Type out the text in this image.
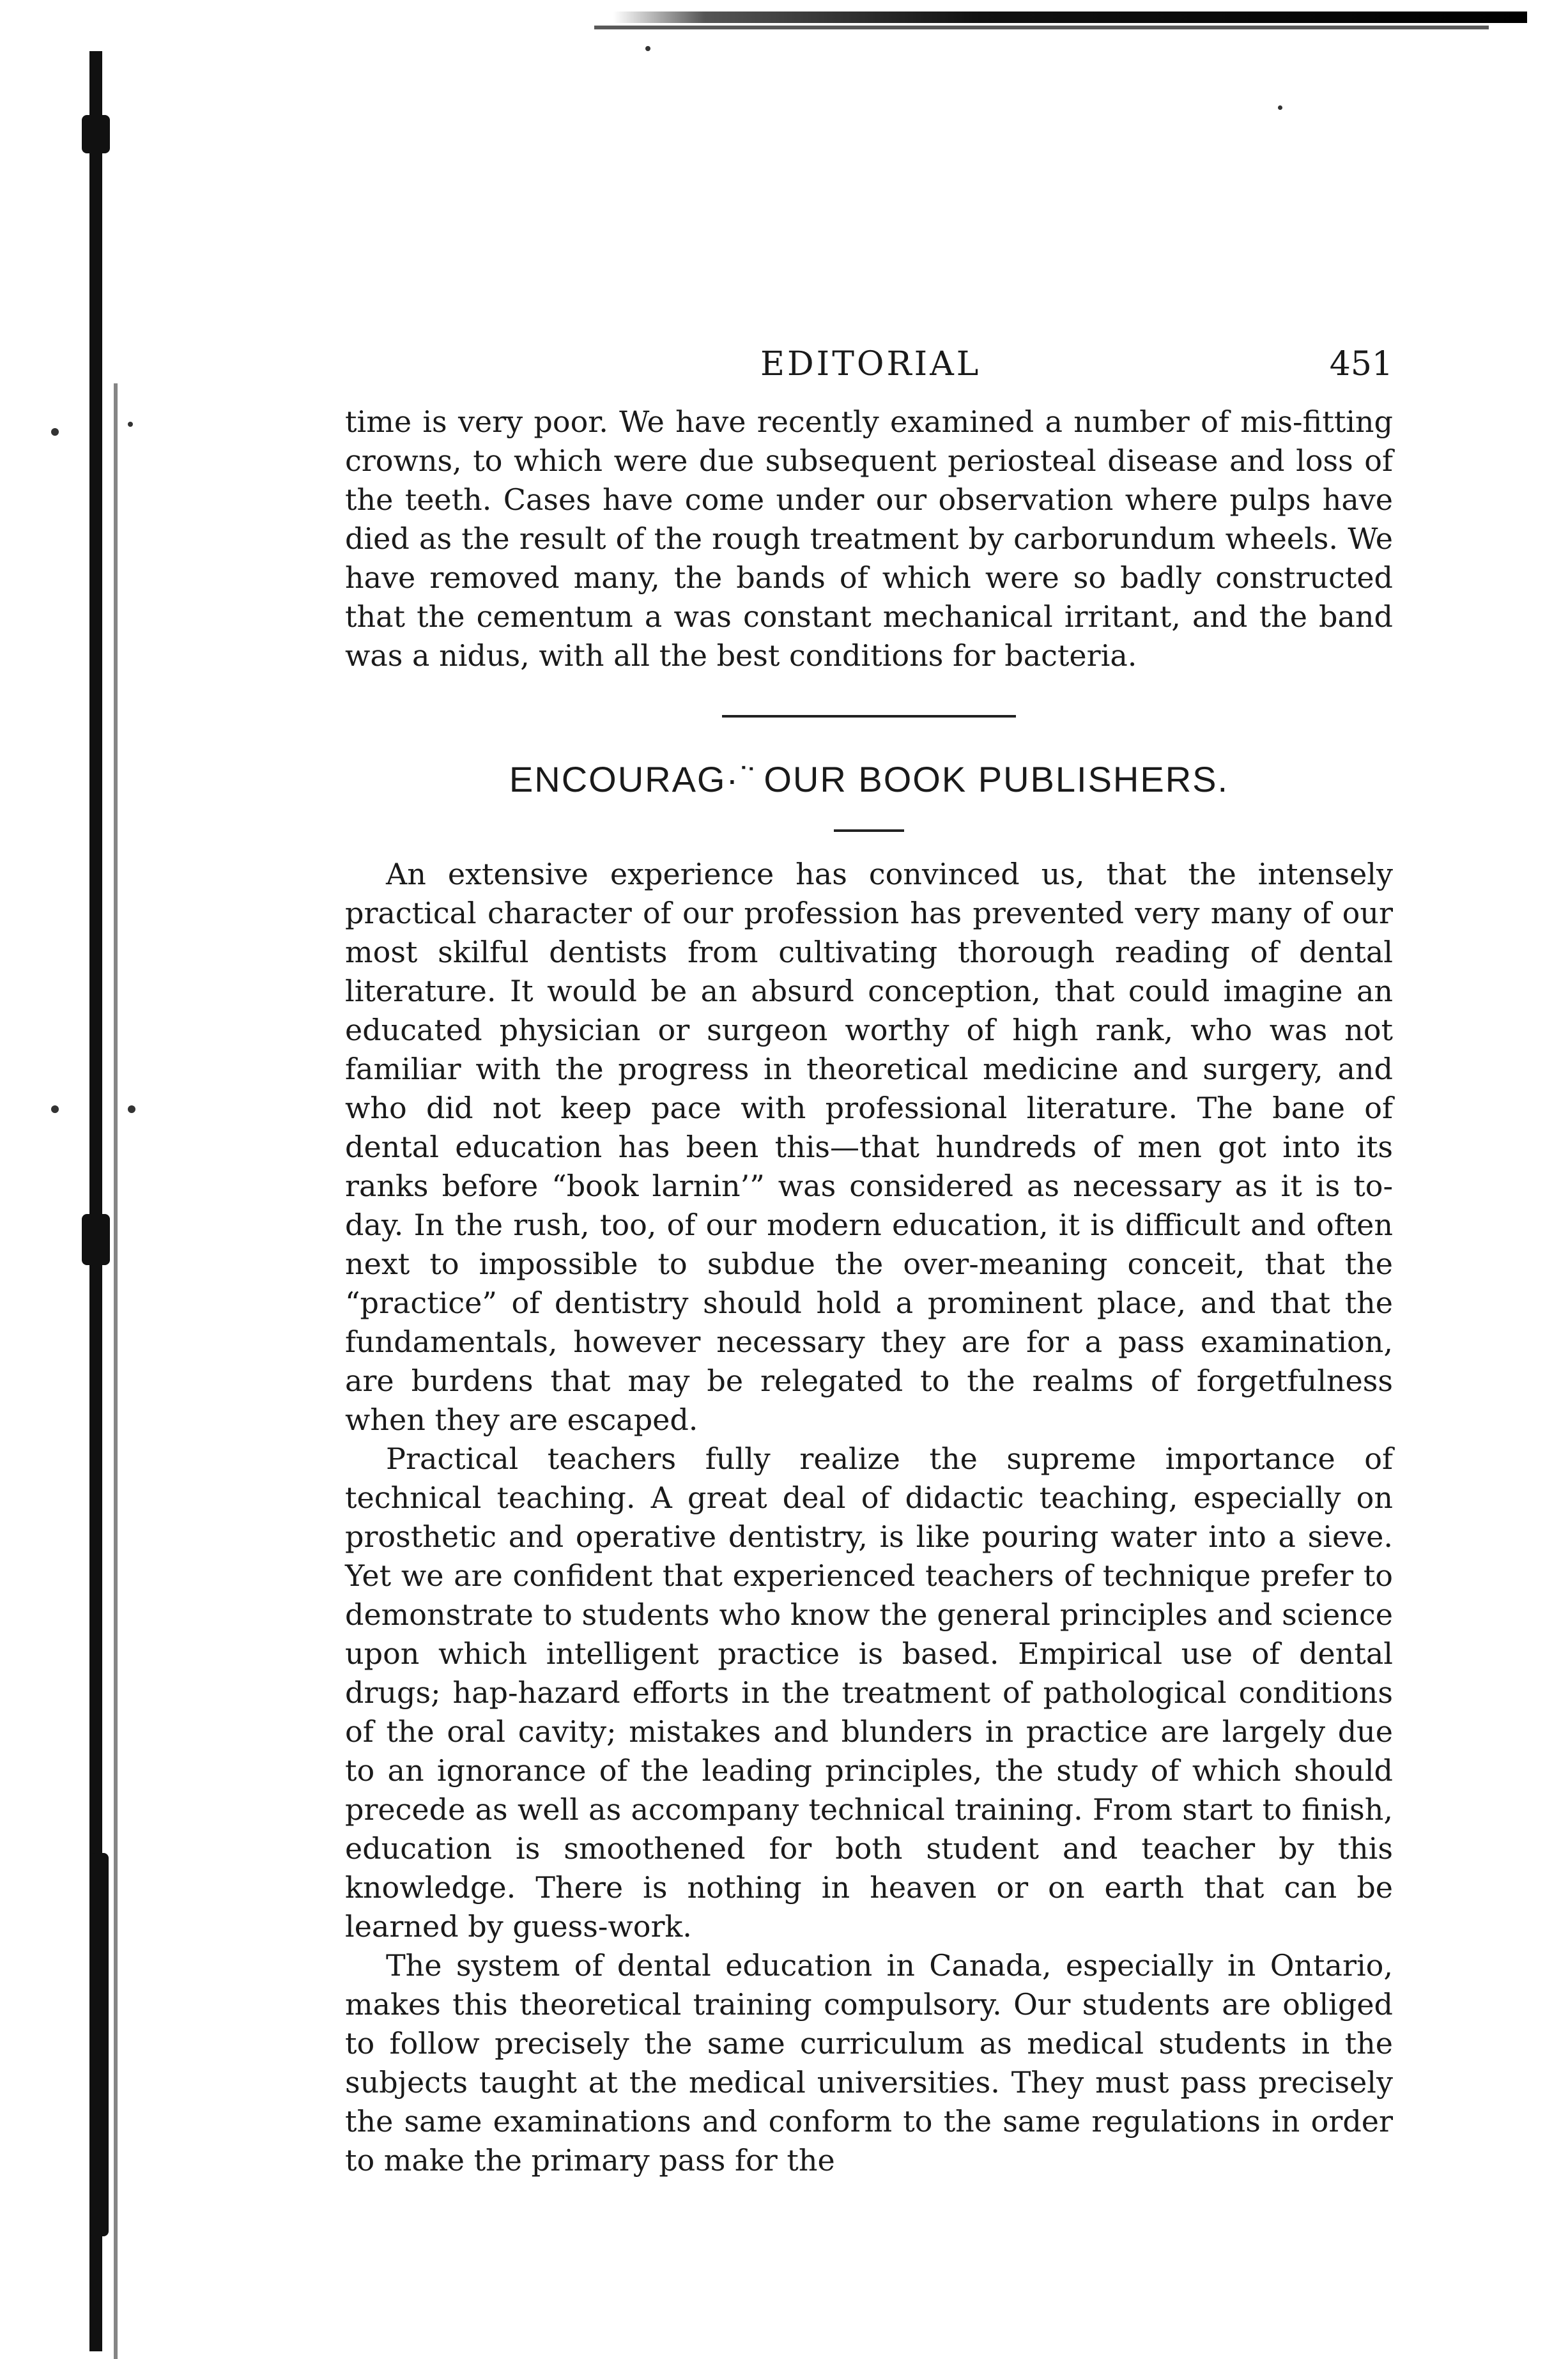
EDITORIAL	451

time is very poor. We have recently examined a number of mis-fitting crowns, to which were due subsequent periosteal disease and loss of the teeth. Cases have come under our observation where pulps have died as the result of the rough treatment by carborundum wheels. We have removed many, the bands of which were so badly constructed that the cementum a was constant mechanical irritant, and the band was a nidus, with all the best conditions for bacteria.

ENCOURAG·˙̇ OUR BOOK PUBLISHERS.

An extensive experience has convinced us, that the intensely practical character of our profession has prevented very many of our most skilful dentists from cultivating thorough reading of dental literature. It would be an absurd conception, that could imagine an educated physician or surgeon worthy of high rank, who was not familiar with the progress in theoretical medicine and surgery, and who did not keep pace with professional literature. The bane of dental education has been this—that hundreds of men got into its ranks before “book larnin’” was considered as necessary as it is to-day. In the rush, too, of our modern education, it is difficult and often next to impossible to subdue the over-meaning conceit, that the “practice” of dentistry should hold a prominent place, and that the fundamentals, however necessary they are for a pass examination, are burdens that may be relegated to the realms of forgetfulness when they are escaped.

Practical teachers fully realize the supreme importance of technical teaching. A great deal of didactic teaching, especially on prosthetic and operative dentistry, is like pouring water into a sieve. Yet we are confident that experienced teachers of technique prefer to demonstrate to students who know the general principles and science upon which intelligent practice is based. Empirical use of dental drugs; hap-hazard efforts in the treatment of pathological conditions of the oral cavity; mistakes and blunders in practice are largely due to an ignorance of the leading principles, the study of which should precede as well as accompany technical training. From start to finish, education is smoothened for both student and teacher by this knowledge. There is nothing in heaven or on earth that can be learned by guess-work.

The system of dental education in Canada, especially in Ontario, makes this theoretical training compulsory. Our students are obliged to follow precisely the same curriculum as medical students in the subjects taught at the medical universities. They must pass precisely the same examinations and conform to the same regulations in order to make the primary pass for the
